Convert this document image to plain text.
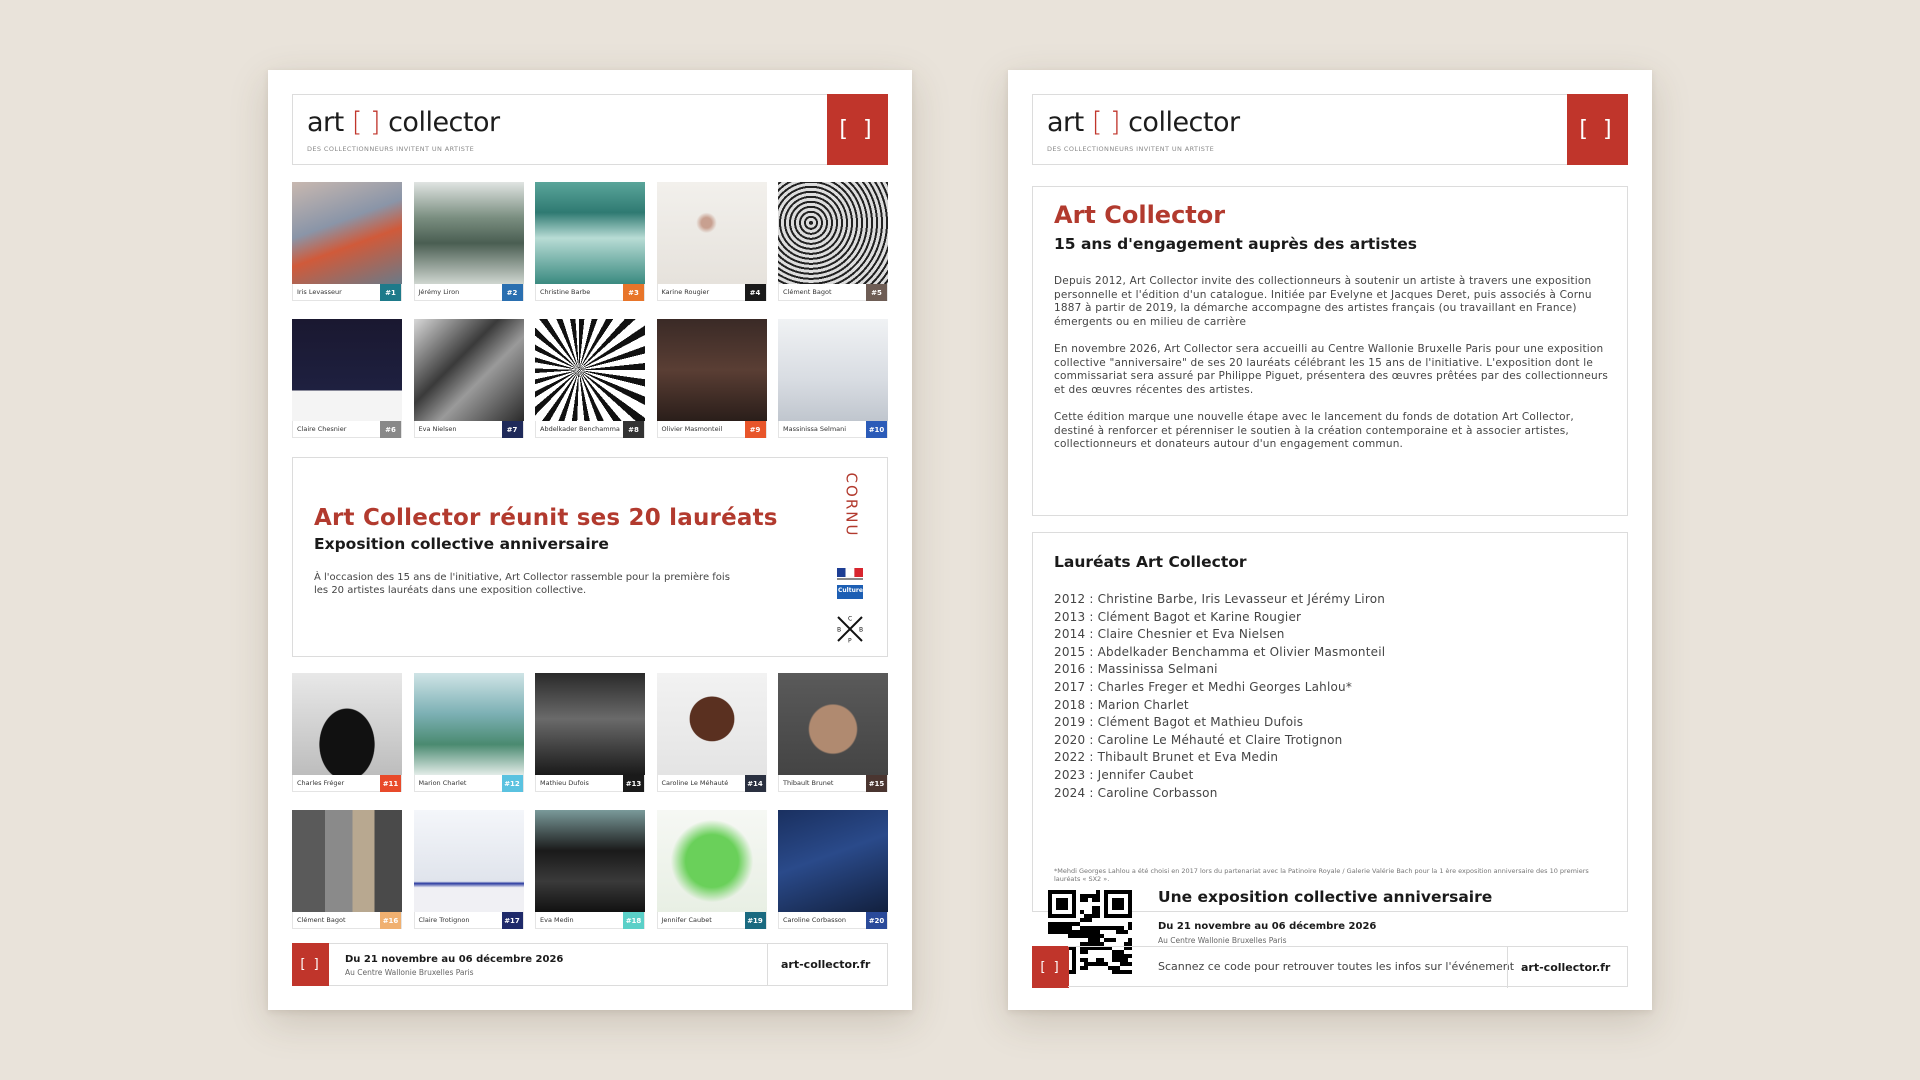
art [ ] collector
DES COLLECTIONNEURS INVITENT UN ARTISTE
[ ]
Iris Levasseur	#1	Jérémy Liron	#2	Christine Barbe	#3	Karine Rougier	#4	Clément Bagot	#5
Claire Chesnier	#6	Eva Nielsen	#7	Abdelkader Benchamma	#8	Olivier Masmonteil	#9	Massinissa Selmani	#10
Art Collector réunit ses 20 lauréats
Exposition collective anniversaire

À l'occasion des 15 ans de l'initiative, Art Collector rassemble pour la première fois les 20 artistes lauréats dans une exposition collective.

CORNU
Culture
C
B	B
P
Charles Fréger	#11	Marion Charlet	#12	Mathieu Dufois	#13	Caroline Le Méhauté	#14	Thibault Brunet	#15
Clément Bagot	#16	Claire Trotignon	#17	Eva Medin	#18	Jennifer Caubet	#19	Caroline Corbasson	#20
[ ]	Du 21 novembre au 06 décembre 2026
Au Centre Wallonie Bruxelles Paris
art-collector.fr
art [ ] collector
DES COLLECTIONNEURS INVITENT UN ARTISTE
[ ]
Art Collector
15 ans d'engagement auprès des artistes

Depuis 2012, Art Collector invite des collectionneurs à soutenir un artiste à travers une exposition personnelle et l'édition d'un catalogue. Initiée par Evelyne et Jacques Deret, puis associés à Cornu 1887 à partir de 2019, la démarche accompagne des artistes français (ou travaillant en France) émergents ou en milieu de carrière

En novembre 2026, Art Collector sera accueilli au Centre Wallonie Bruxelle Paris pour une exposition collective "anniversaire" de ses 20 lauréats célébrant les 15 ans de l'initiative. L'exposition dont le commissariat sera assuré par Philippe Piguet, présentera des œuvres prêtées par des collectionneurs et des œuvres récentes des artistes.

Cette édition marque une nouvelle étape avec le lancement du fonds de dotation Art Collector, destiné à renforcer et pérenniser le soutien à la création contemporaine et à associer artistes, collectionneurs et donateurs autour d'un engagement commun.

Lauréats Art Collector
2012 : Christine Barbe, Iris Levasseur et Jérémy Liron
2013 : Clément Bagot et Karine Rougier
2014 : Claire Chesnier et Eva Nielsen
2015 : Abdelkader Benchamma et Olivier Masmonteil
2016 : Massinissa Selmani
2017 : Charles Freger et Medhi Georges Lahlou*
2018 : Marion Charlet
2019 : Clément Bagot et Mathieu Dufois
2020 : Caroline Le Méhauté et Claire Trotignon
2022 : Thibault Brunet et Eva Medin
2023 : Jennifer Caubet
2024 : Caroline Corbasson

*Mehdi Georges Lahlou a été choisi en 2017 lors du partenariat avec la Patinoire Royale / Galerie Valérie Bach pour la 1 ère exposition anniversaire des 10 premiers lauréats « SX2 ».

Une exposition collective anniversaire
Du 21 novembre au 06 décembre 2026
Au Centre Wallonie Bruxelles Paris
[ ]	Scannez ce code pour retrouver toutes les infos sur l'événement art-collector.fr
